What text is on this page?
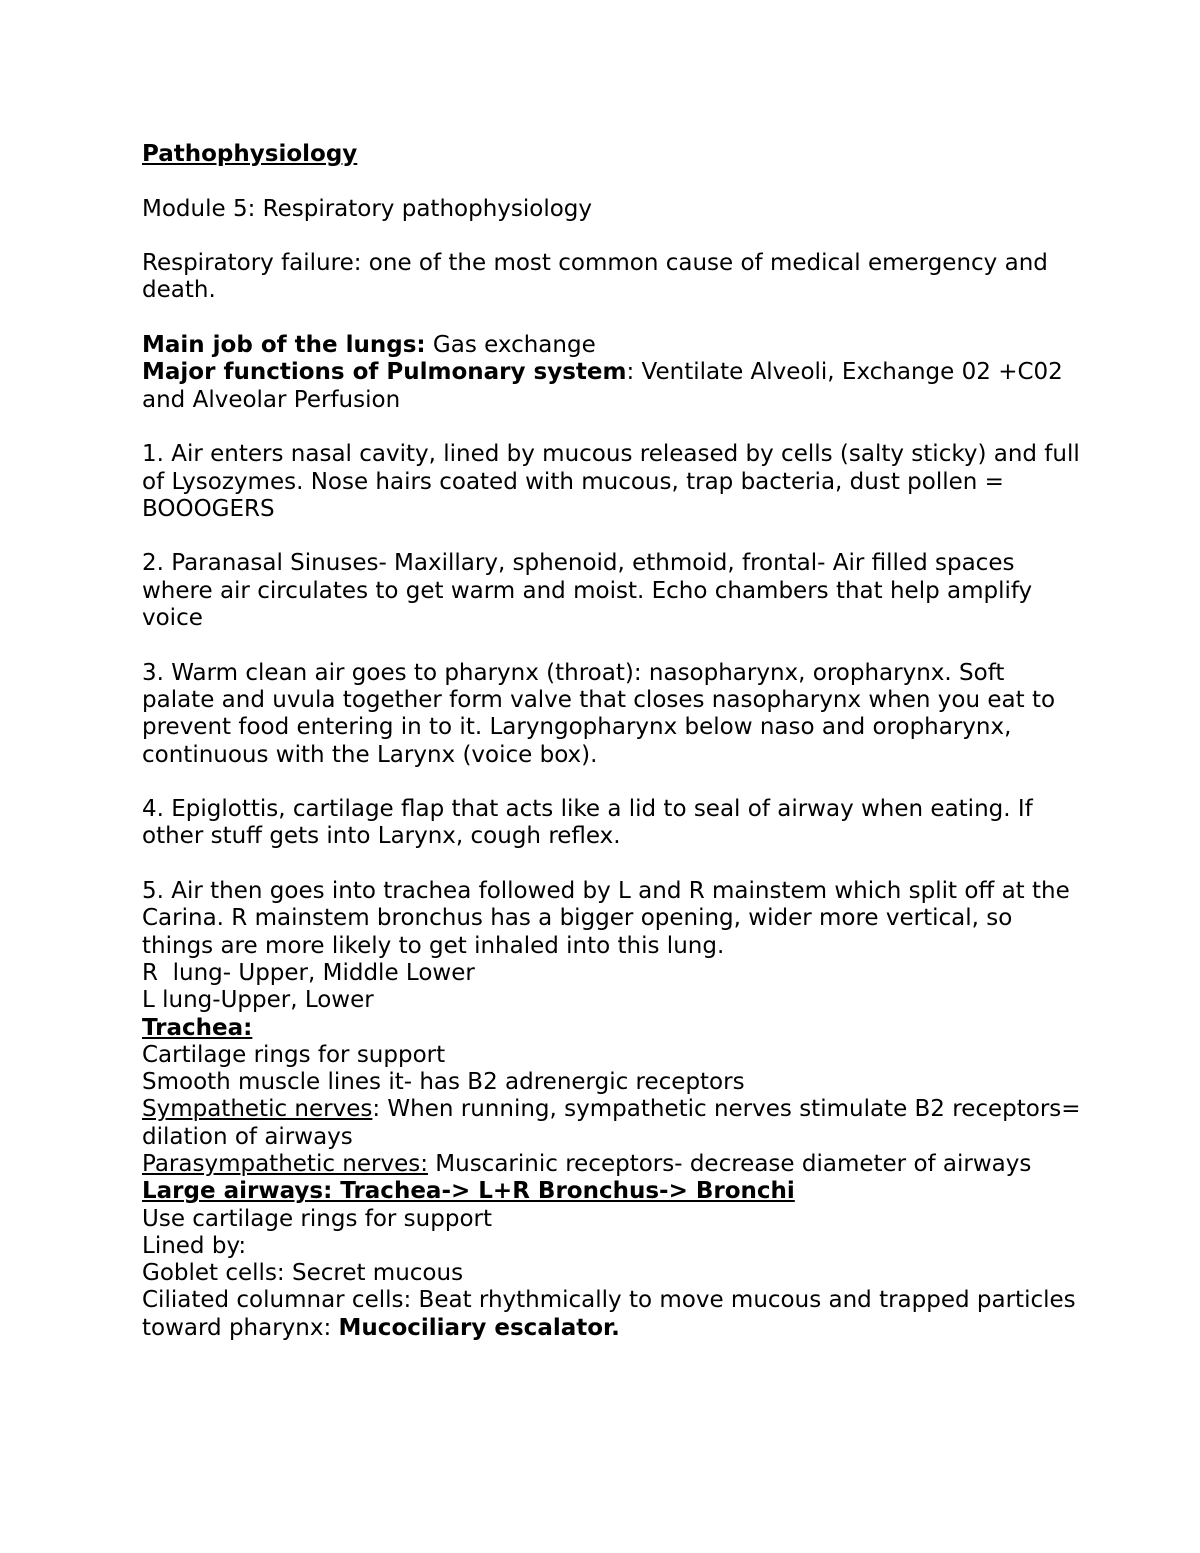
Pathophysiology

Module 5: Respiratory pathophysiology

Respiratory failure: one of the most common cause of medical emergency and death.

Main job of the lungs: Gas exchange

Major functions of Pulmonary system: Ventilate Alveoli, Exchange 02 +C02 and Alveolar Perfusion

1. Air enters nasal cavity, lined by mucous released by cells (salty sticky) and full of Lysozymes. Nose hairs coated with mucous, trap bacteria, dust pollen = BOOOGERS

2. Paranasal Sinuses- Maxillary, sphenoid, ethmoid, frontal- Air filled spaces where air circulates to get warm and moist. Echo chambers that help amplify voice

3. Warm clean air goes to pharynx (throat): nasopharynx, oropharynx. Soft palate and uvula together form valve that closes nasopharynx when you eat to prevent food entering in to it. Laryngopharynx below naso and oropharynx, continuous with the Larynx (voice box).

4. Epiglottis, cartilage flap that acts like a lid to seal of airway when eating. If other stuff gets into Larynx, cough reflex.

5. Air then goes into trachea followed by L and R mainstem which split off at the Carina. R mainstem bronchus has a bigger opening, wider more vertical, so things are more likely to get inhaled into this lung.

R  lung- Upper, Middle Lower

L lung-Upper, Lower

Trachea:

Cartilage rings for support

Smooth muscle lines it- has B2 adrenergic receptors

Sympathetic nerves: When running, sympathetic nerves stimulate B2 receptors= dilation of airways

Parasympathetic nerves: Muscarinic receptors- decrease diameter of airways

Large airways: Trachea-> L+R Bronchus-> Bronchi

Use cartilage rings for support

Lined by:

Goblet cells: Secret mucous

Ciliated columnar cells: Beat rhythmically to move mucous and trapped particles toward pharynx: Mucociliary escalator.
